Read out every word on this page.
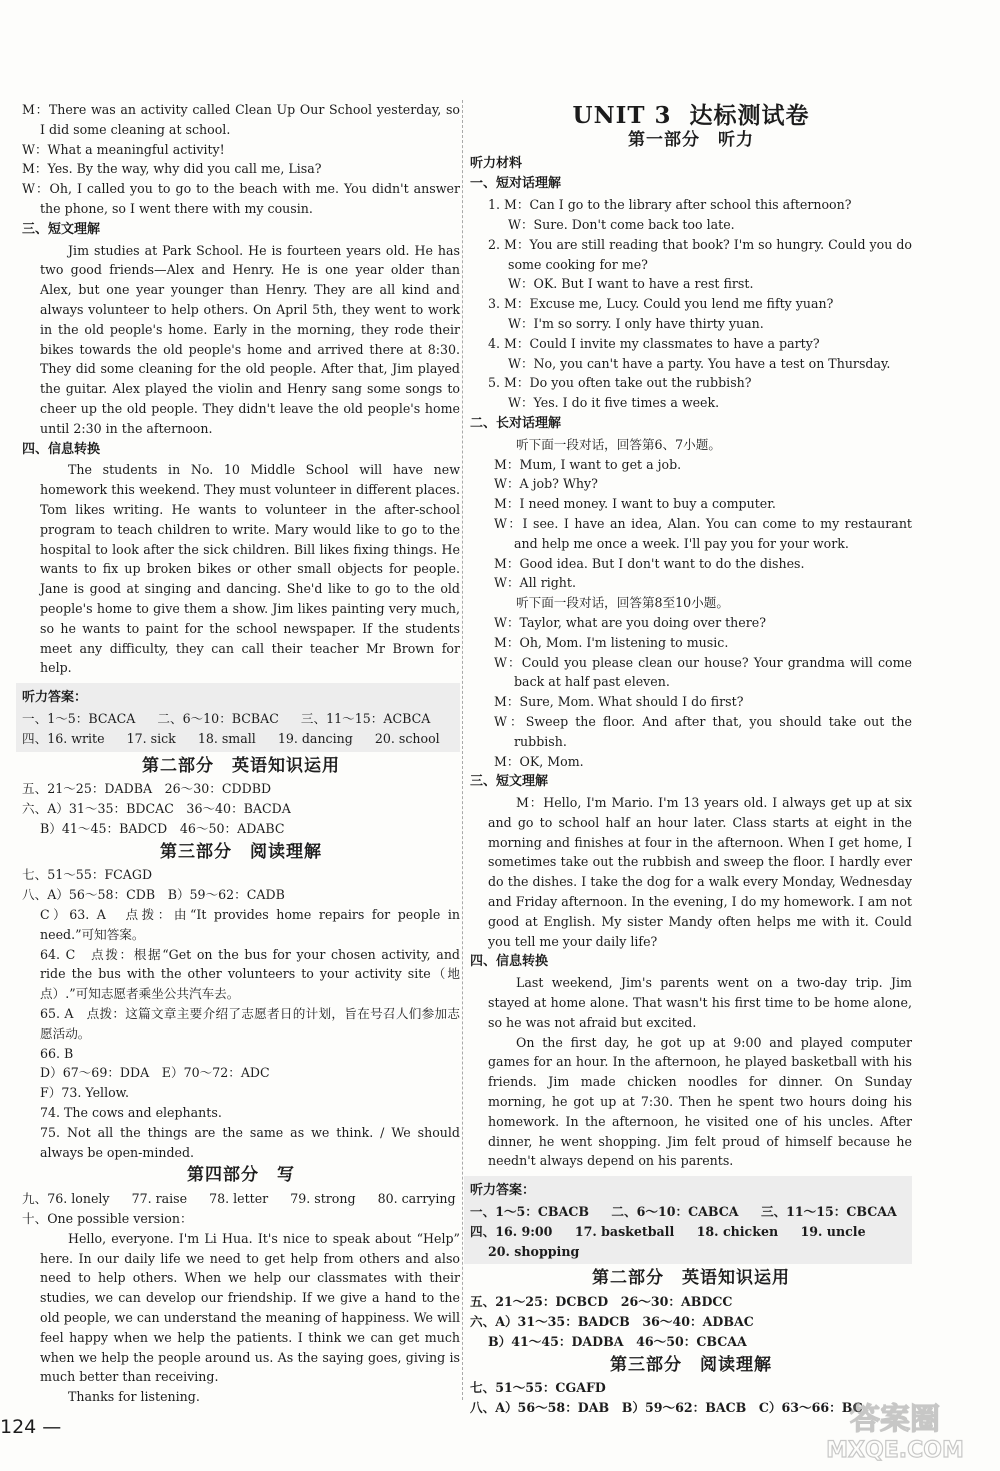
M：There was an activity called Clean Up Our School yesterday, so I did some cleaning at school.

W：What a meaningful activity!

M：Yes. By the way, why did you call me, Lisa?

W：Oh, I called you to go to the beach with me. You didn't answer the phone, so I went there with my cousin.

三、短文理解

Jim studies at Park School. He is fourteen years old. He has two good friends—Alex and Henry. He is one year older than Alex, but one year younger than Henry. They are all kind and always volunteer to help others. On April 5th, they went to work in the old people's home. Early in the morning, they rode their bikes towards the old people's home and arrived there at 8:30. They did some cleaning for the old people. After that, Jim played the guitar. Alex played the violin and Henry sang some songs to cheer up the old people. They didn't leave the old people's home until 2:30 in the afternoon.

四、信息转换

The students in No. 10 Middle School will have new homework this weekend. They must volunteer in different places. Tom likes writing. He wants to volunteer in the after-school program to teach children to write. Mary would like to go to the hospital to look after the sick children. Bill likes fixing things. He wants to fix up broken bikes or other small objects for people. Jane is good at singing and dancing. She'd like to go to the old people's home to give them a show. Jim likes painting very much, so he wants to paint for the school newspaper. If the students meet any difficulty, they can call their teacher Mr Brown for help.

听力答案：
一、1～5：BCACA 二、6～10：BCBAC 三、11～15：ACBCA
四、16. write 17. sick 18. small 19. dancing 20. school
第二部分　英语知识运用

五、21～25：DADBA　26～30：CDDBD

六、A）31～35：BDCAC　36～40：BACDA

B）41～45：BADCD　46～50：ADABC

第三部分　阅读理解

七、51～55：FCAGD

八、A）56～58：CDB　B）59～62：CADB

C）63. A　点拨：由“It provides home repairs for people in need.”可知答案。

64. C　点拨：根据“Get on the bus for your chosen activity, and ride the bus with the other volunteers to your activity site（地点）.”可知志愿者乘坐公共汽车去。

65. A　点拨：这篇文章主要介绍了志愿者日的计划，旨在号召人们参加志愿活动。

66. B

D）67～69：DDA　E）70～72：ADC

F）73. Yellow.

74. The cows and elephants.

75. Not all the things are the same as we think. / We should always be open-minded.

第四部分　写
九、76. lonely 77. raise 78. letter 79. strong 80. carrying

十、One possible version：

Hello, everyone. I'm Li Hua. It's nice to speak about “Help” here. In our daily life we need to get help from others and also need to help others. When we help our classmates with their studies, we can develop our friendship. If we give a hand to the old people, we can understand the meaning of happiness. We will feel happy when we help the patients. I think we can get much when we help the people around us. As the saying goes, giving is much better than receiving.

Thanks for listening.

UNIT 3 达标测试卷
第一部分　听力
听力材料
一、短对话理解

1. M：Can I go to the library after school this afternoon?

W：Sure. Don't come back too late.

2. M：You are still reading that book? I'm so hungry. Could you do some cooking for me?

W：OK. But I want to have a rest first.

3. M：Excuse me, Lucy. Could you lend me fifty yuan?

W：I'm so sorry. I only have thirty yuan.

4. M：Could I invite my classmates to have a party?

W：No, you can't have a party. You have a test on Thursday.

5. M：Do you often take out the rubbish?

W：Yes. I do it five times a week.

二、长对话理解

听下面一段对话，回答第6、7小题。

M：Mum, I want to get a job.

W：A job? Why?

M：I need money. I want to buy a computer.

W：I see. I have an idea, Alan. You can come to my restaurant and help me once a week. I'll pay you for your work.

M：Good idea. But I don't want to do the dishes.

W：All right.

听下面一段对话，回答第8至10小题。

W：Taylor, what are you doing over there?

M：Oh, Mom. I'm listening to music.

W：Could you please clean our house? Your grandma will come back at half past eleven.

M：Sure, Mom. What should I do first?

W：Sweep the floor. And after that, you should take out the rubbish.

M：OK, Mom.

三、短文理解

M：Hello, I'm Mario. I'm 13 years old. I always get up at six and go to school half an hour later. Class starts at eight in the morning and finishes at four in the afternoon. When I get home, I sometimes take out the rubbish and sweep the floor. I hardly ever do the dishes. I take the dog for a walk every Monday, Wednesday and Friday afternoon. In the evening, I do my homework. I am not good at English. My sister Mandy often helps me with it. Could you tell me your daily life?

四、信息转换

Last weekend, Jim's parents went on a two-day trip. Jim stayed at home alone. That wasn't his first time to be home alone, so he was not afraid but excited.

On the first day, he got up at 9:00 and played computer games for an hour. In the afternoon, he played basketball with his friends. Jim made chicken noodles for dinner. On Sunday morning, he got up at 7:30. Then he spent two hours doing his homework. In the afternoon, he visited one of his uncles. After dinner, he went shopping. Jim felt proud of himself because he needn't always depend on his parents.

听力答案：
一、1～5：CBACB 二、6～10：CABCA 三、11～15：CBCAA
四、16. 9:00 17. basketball 18. chicken 19. uncle
20. shopping
第二部分　英语知识运用

五、21～25：DCBCD　26～30：ABDCC

六、A）31～35：BADCB　36～40：ADBAC

B）41～45：DADBA　46～50：CBCAA

第三部分　阅读理解

七、51～55：CGAFD

八、A）56～58：DAB　B）59～62：BACB　C）63～66：BC

124 —	答案圈
MXQE.COM
